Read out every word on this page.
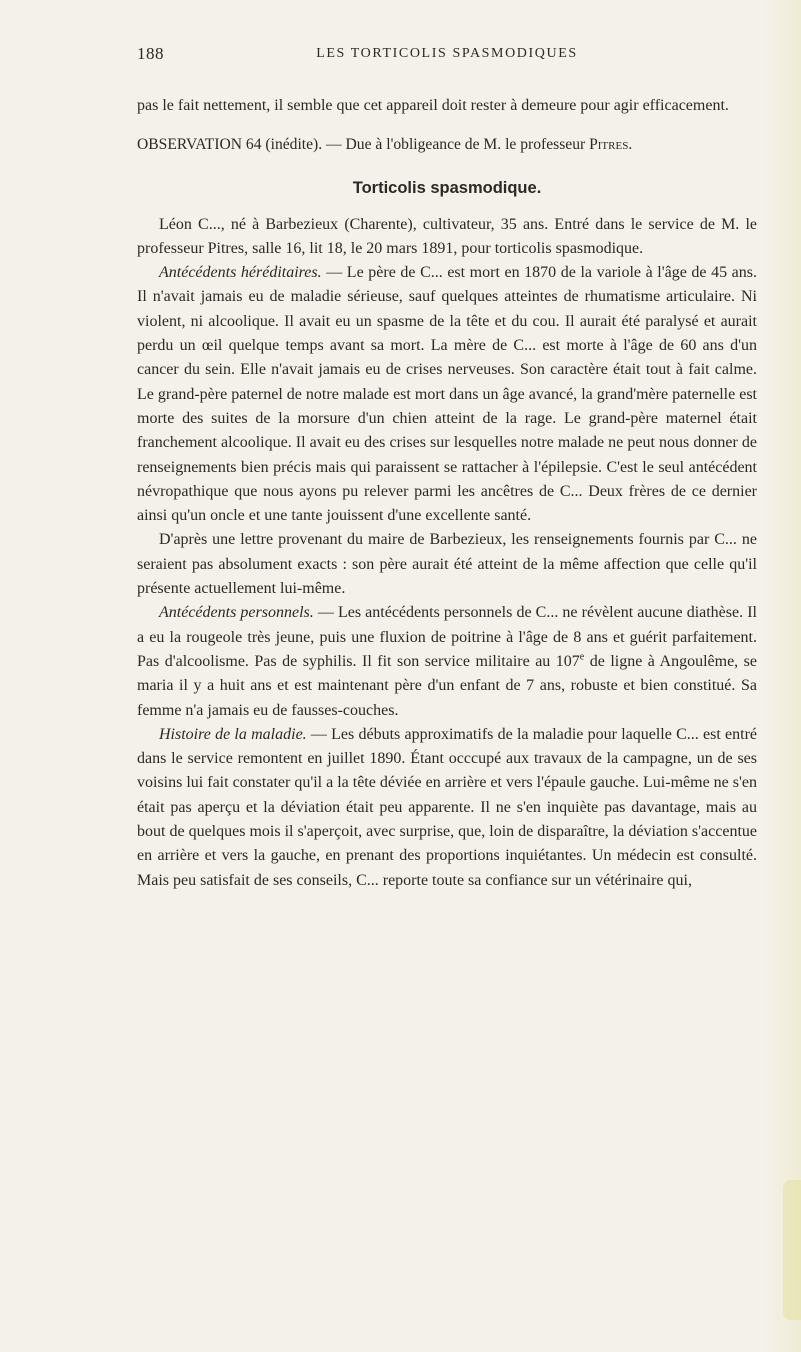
188	LES TORTICOLIS SPASMODIQUES

pas le fait nettement, il semble que cet appareil doit rester à demeure pour agir efficacement.

OBSERVATION 64 (inédite). — Due à l'obligeance de M. le professeur Pitres.

Torticolis spasmodique.

Léon C..., né à Barbezieux (Charente), cultivateur, 35 ans. Entré dans le service de M. le professeur Pitres, salle 16, lit 18, le 20 mars 1891, pour torticolis spasmodique.

Antécédents héréditaires. — Le père de C... est mort en 1870 de la variole à l'âge de 45 ans. Il n'avait jamais eu de maladie sérieuse, sauf quelques atteintes de rhumatisme articulaire. Ni violent, ni alcoolique. Il avait eu un spasme de la tête et du cou. Il aurait été paralysé et aurait perdu un œil quelque temps avant sa mort. La mère de C... est morte à l'âge de 60 ans d'un cancer du sein. Elle n'avait jamais eu de crises nerveuses. Son caractère était tout à fait calme. Le grand-père paternel de notre malade est mort dans un âge avancé, la grand'mère paternelle est morte des suites de la morsure d'un chien atteint de la rage. Le grand-père maternel était franchement alcoolique. Il avait eu des crises sur lesquelles notre malade ne peut nous donner de renseignements bien précis mais qui paraissent se rattacher à l'épilepsie. C'est le seul antécédent névropathique que nous ayons pu relever parmi les ancêtres de C... Deux frères de ce dernier ainsi qu'un oncle et une tante jouissent d'une excellente santé.

D'après une lettre provenant du maire de Barbezieux, les renseignements fournis par C... ne seraient pas absolument exacts : son père aurait été atteint de la même affection que celle qu'il présente actuellement lui-même.

Antécédents personnels. — Les antécédents personnels de C... ne révèlent aucune diathèse. Il a eu la rougeole très jeune, puis une fluxion de poitrine à l'âge de 8 ans et guérit parfaitement. Pas d'alcoolisme. Pas de syphilis. Il fit son service militaire au 107e de ligne à Angoulême, se maria il y a huit ans et est maintenant père d'un enfant de 7 ans, robuste et bien constitué. Sa femme n'a jamais eu de fausses-couches.

Histoire de la maladie. — Les débuts approximatifs de la maladie pour laquelle C... est entré dans le service remontent en juillet 1890. Étant occcupé aux travaux de la campagne, un de ses voisins lui fait constater qu'il a la tête déviée en arrière et vers l'épaule gauche. Lui-même ne s'en était pas aperçu et la déviation était peu apparente. Il ne s'en inquiète pas davantage, mais au bout de quelques mois il s'aperçoit, avec surprise, que, loin de disparaître, la déviation s'accentue en arrière et vers la gauche, en prenant des proportions inquiétantes. Un médecin est consulté. Mais peu satisfait de ses conseils, C... reporte toute sa confiance sur un vétérinaire qui,
